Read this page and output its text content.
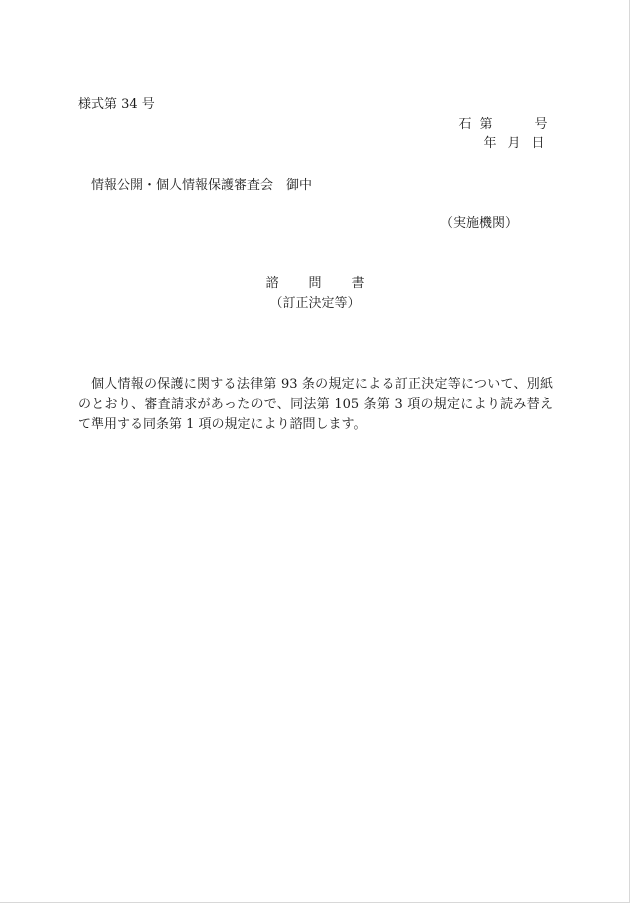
様式第 34 号
石 第	号
年 月 日
情報公開・個人情報保護審査会　御中
（実施機関）
諮 問 書
（訂正決定等）
個人情報の保護に関する法律第 93 条の規定による訂正決定等について、別紙のとおり、審査請求があったので、同法第 105 条第 3 項の規定により読み替えて準用する同条第 1 項の規定により諮問します。
